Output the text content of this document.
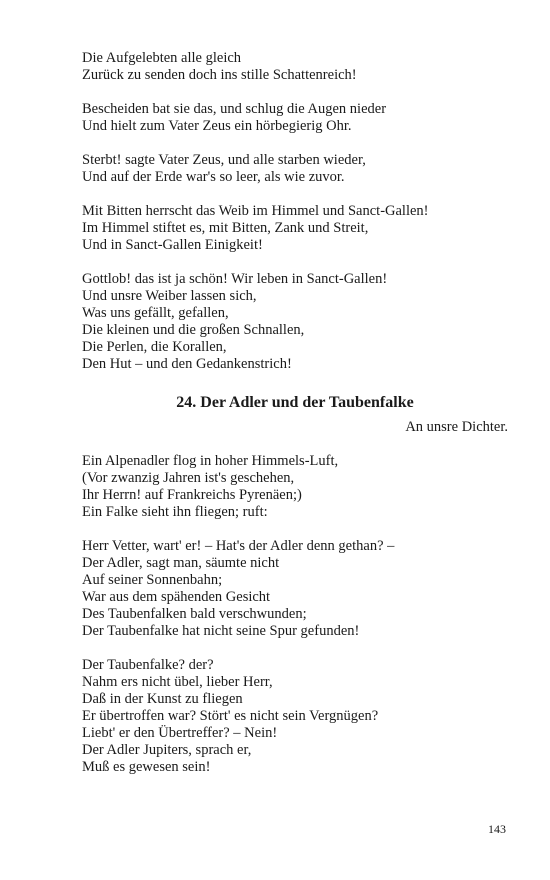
Die Aufgelebten alle gleich
Zurück zu senden doch ins stille Schattenreich!
Bescheiden bat sie das, und schlug die Augen nieder
Und hielt zum Vater Zeus ein hörbegierig Ohr.
Sterbt! sagte Vater Zeus, und alle starben wieder,
Und auf der Erde war's so leer, als wie zuvor.
Mit Bitten herrscht das Weib im Himmel und Sanct-Gallen!
Im Himmel stiftet es, mit Bitten, Zank und Streit,
Und in Sanct-Gallen Einigkeit!
Gottlob! das ist ja schön! Wir leben in Sanct-Gallen!
Und unsre Weiber lassen sich,
Was uns gefällt, gefallen,
Die kleinen und die großen Schnallen,
Die Perlen, die Korallen,
Den Hut – und den Gedankenstrich!
24. Der Adler und der Taubenfalke
An unsre Dichter.
Ein Alpenadler flog in hoher Himmels-Luft,
(Vor zwanzig Jahren ist's geschehen,
Ihr Herrn! auf Frankreichs Pyrenäen;)
Ein Falke sieht ihn fliegen; ruft:
Herr Vetter, wart' er! – Hat's der Adler denn gethan? –
Der Adler, sagt man, säumte nicht
Auf seiner Sonnenbahn;
War aus dem spähenden Gesicht
Des Taubenfalken bald verschwunden;
Der Taubenfalke hat nicht seine Spur gefunden!
Der Taubenfalke? der?
Nahm ers nicht übel, lieber Herr,
Daß in der Kunst zu fliegen
Er übertroffen war? Stört' es nicht sein Vergnügen?
Liebt' er den Übertreffer? – Nein!
Der Adler Jupiters, sprach er,
Muß es gewesen sein!
143
